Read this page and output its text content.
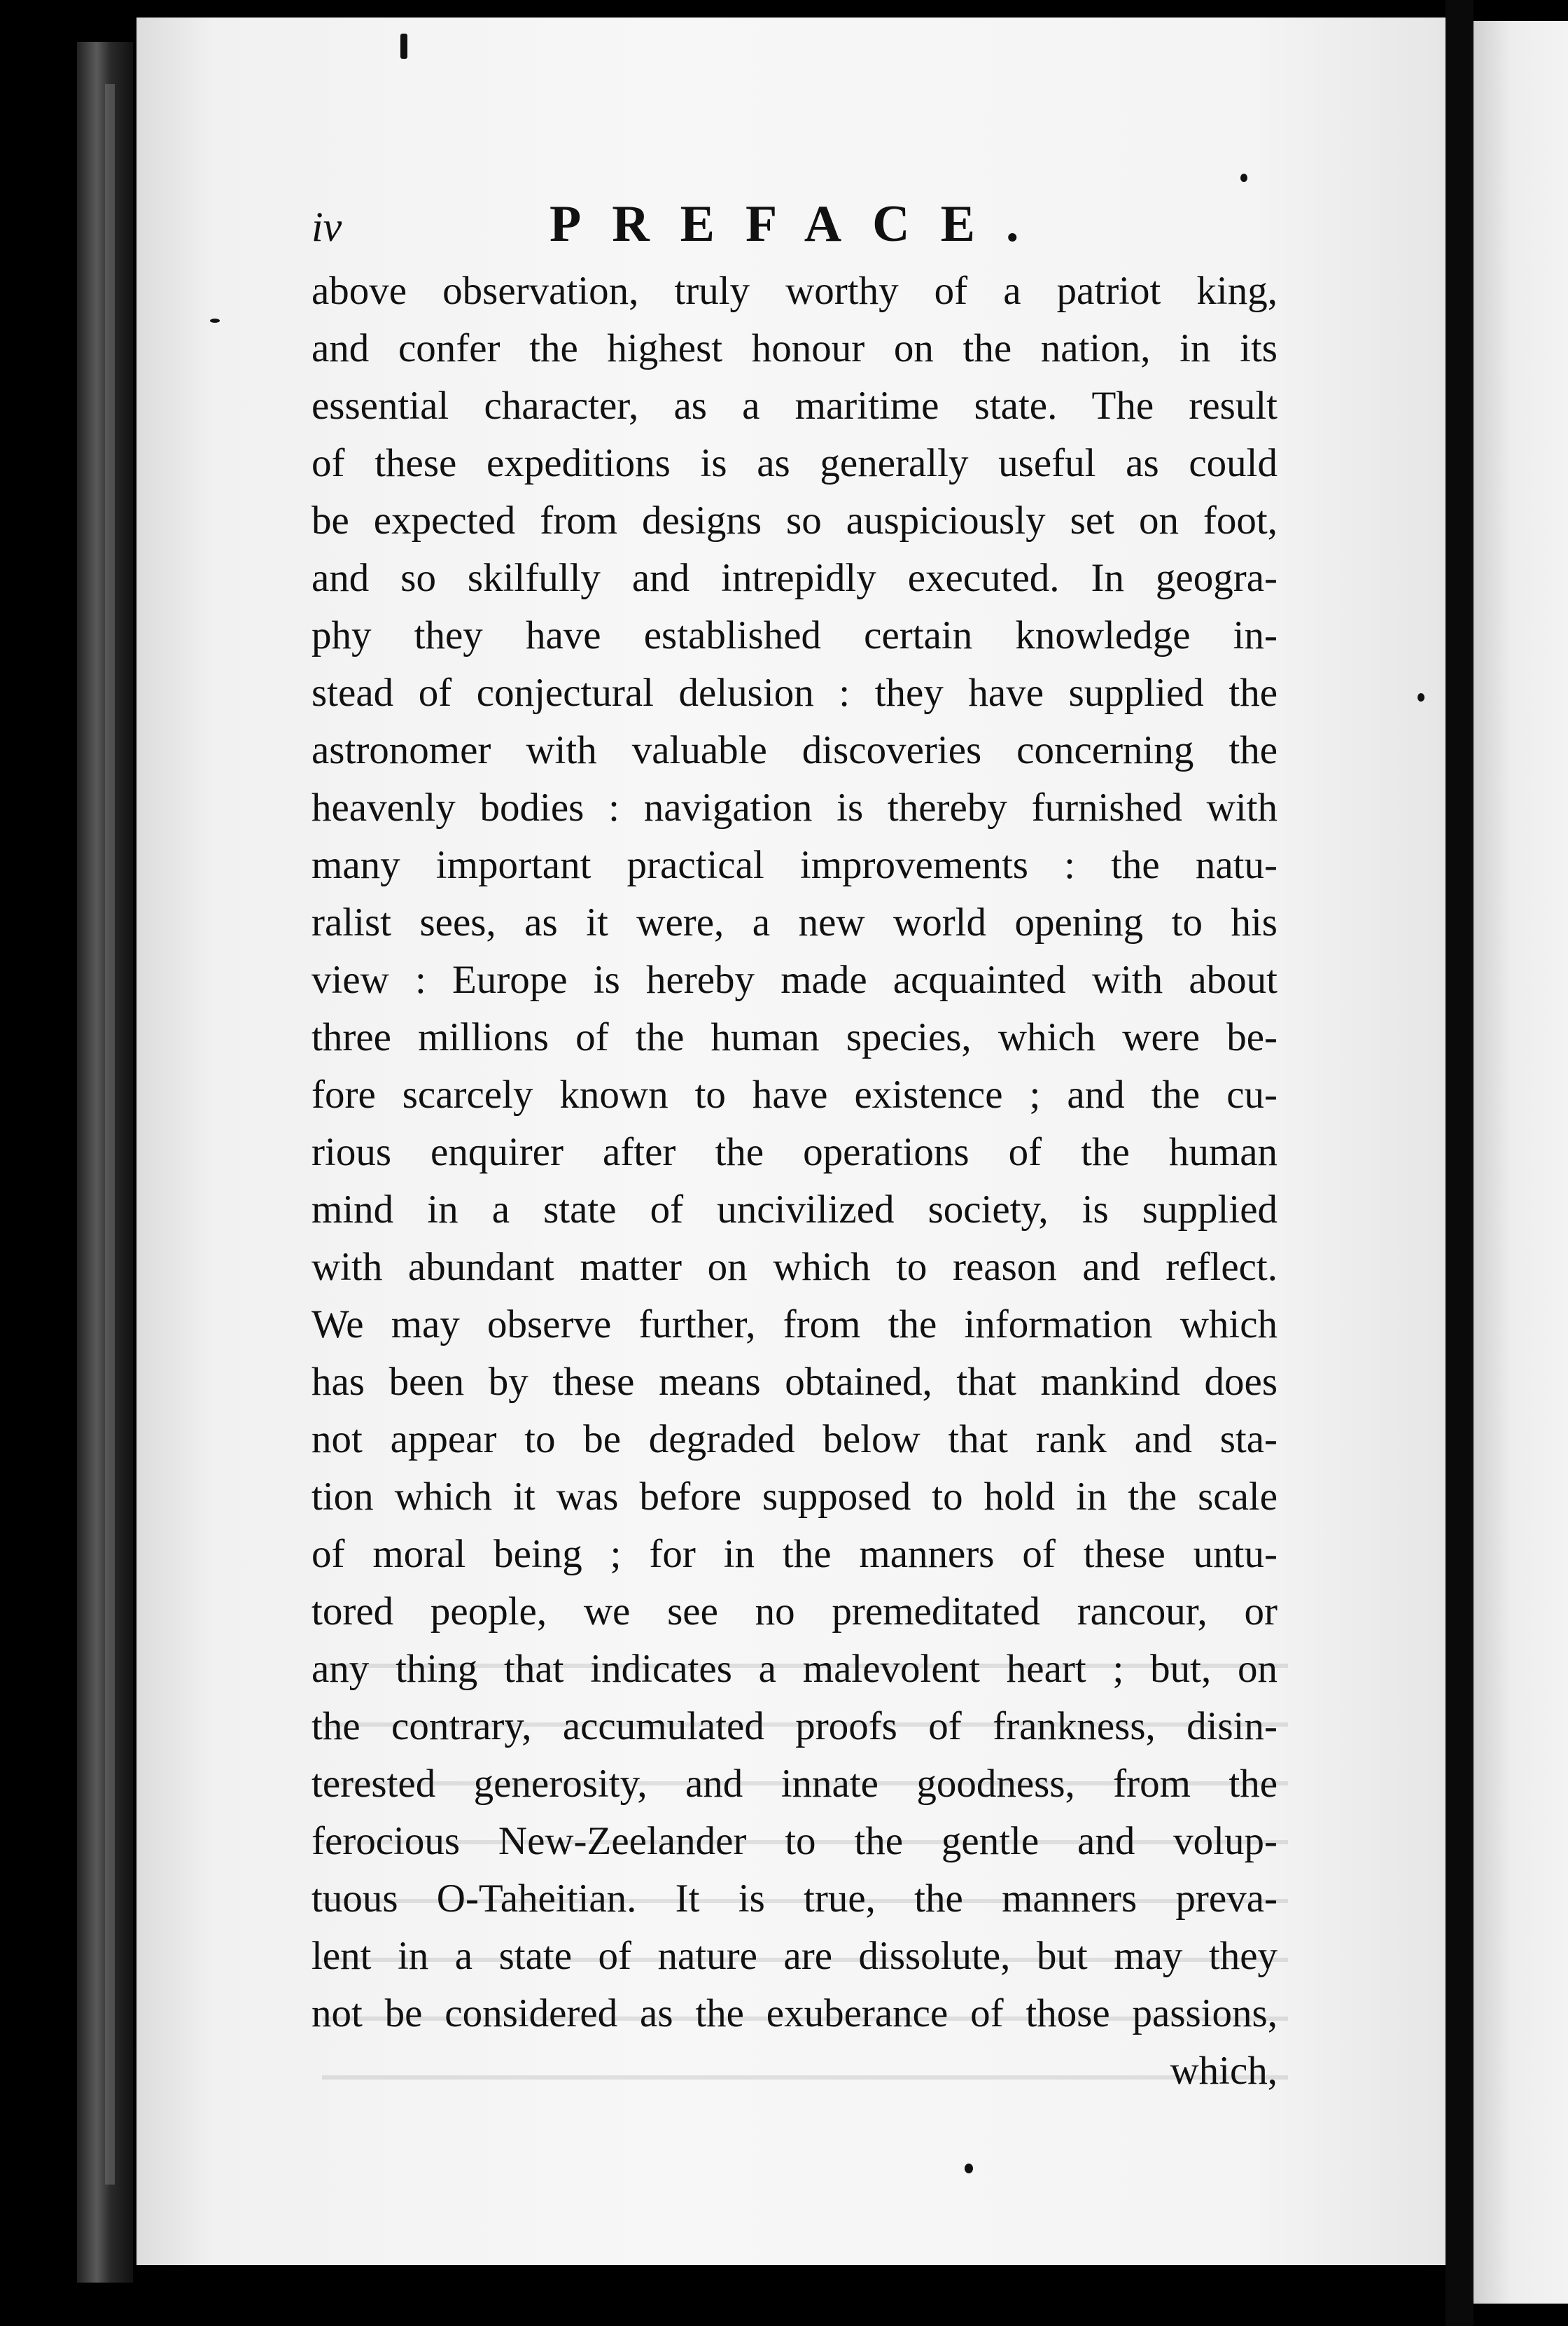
iv	PREFACE.
above observation, truly worthy of a patriot king,
and confer the highest honour on the nation, in its
essential character, as a maritime state. The result
of these expeditions is as generally useful as could
be expected from designs so auspiciously set on foot,
and so skilfully and intrepidly executed. In geogra-
phy they have established certain knowledge in-
stead of conjectural delusion : they have supplied the
astronomer with valuable discoveries concerning the
heavenly bodies : navigation is thereby furnished with
many important practical improvements : the natu-
ralist sees, as it were, a new world opening to his
view : Europe is hereby made acquainted with about
three millions of the human species, which were be-
fore scarcely known to have existence ; and the cu-
rious enquirer after the operations of the human
mind in a state of uncivilized society, is supplied
with abundant matter on which to reason and reflect.
We may observe further, from the information which
has been by these means obtained, that mankind does
not appear to be degraded below that rank and sta-
tion which it was before supposed to hold in the scale
of moral being ; for in the manners of these untu-
tored people, we see no premeditated rancour, or
any thing that indicates a malevolent heart ; but, on
the contrary, accumulated proofs of frankness, disin-
terested generosity, and innate goodness, from the
ferocious New-Zeelander to the gentle and volup-
tuous O-Taheitian. It is true, the manners preva-
lent in a state of nature are dissolute, but may they
not be considered as the exuberance of those passions,
which,
